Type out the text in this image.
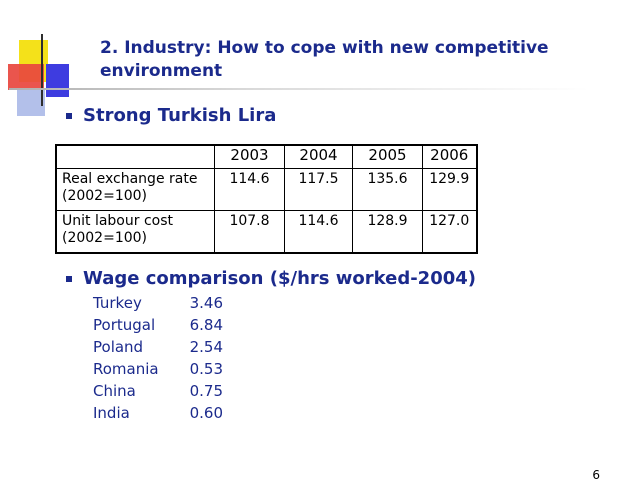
2. Industry: How to cope with new competitive environment
Strong Turkish Lira
	2003	2004	2005	2006
Real exchange rate (2002=100)	114.6	117.5	135.6	129.9
Unit labour cost (2002=100)	107.8	114.6	128.9	127.0
Wage comparison ($/hrs worked-2004)
Turkey	3.46
Portugal 6.84
Poland	2.54
Romania 0.53
China	0.75
India	0.60
6
